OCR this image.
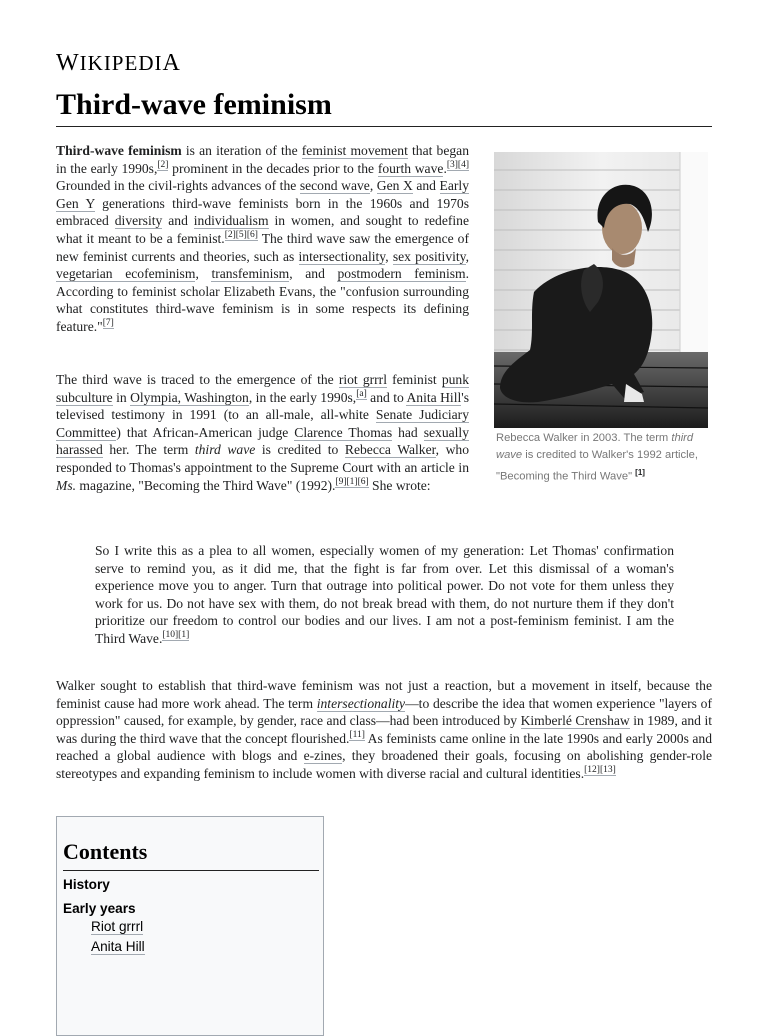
WIKIPEDIA
Third-wave feminism

Third-wave feminism is an iteration of the feminist movement that began in the early 1990s,[2] prominent in the decades prior to the fourth wave.[3][4] Grounded in the civil-rights advances of the second wave, Gen X and Early Gen Y generations third-wave feminists born in the 1960s and 1970s embraced diversity and individualism in women, and sought to redefine what it meant to be a feminist.[2][5][6] The third wave saw the emergence of new feminist currents and theories, such as intersectionality, sex positivity, vegetarian ecofeminism, transfeminism, and postmodern feminism. According to feminist scholar Elizabeth Evans, the "confusion surrounding what constitutes third-wave feminism is in some respects its defining feature."[7]

The third wave is traced to the emergence of the riot grrrl feminist punk subculture in Olympia, Washington, in the early 1990s,[a] and to Anita Hill's televised testimony in 1991 (to an all-male, all-white Senate Judiciary Committee) that African-American judge Clarence Thomas had sexually harassed her. The term third wave is credited to Rebecca Walker, who responded to Thomas's appointment to the Supreme Court with an article in Ms. magazine, "Becoming the Third Wave" (1992).[9][1][6] She wrote:

Rebecca Walker in 2003. The term third wave is credited to Walker's 1992 article, "Becoming the Third Wave" [1]

So I write this as a plea to all women, especially women of my generation: Let Thomas' confirmation serve to remind you, as it did me, that the fight is far from over. Let this dismissal of a woman's experience move you to anger. Turn that outrage into political power. Do not vote for them unless they work for us. Do not have sex with them, do not break bread with them, do not nurture them if they don't prioritize our freedom to control our bodies and our lives. I am not a post-feminism feminist. I am the Third Wave.[10][1]

Walker sought to establish that third-wave feminism was not just a reaction, but a movement in itself, because the feminist cause had more work ahead. The term intersectionality—to describe the idea that women experience "layers of oppression" caused, for example, by gender, race and class—had been introduced by Kimberlé Crenshaw in 1989, and it was during the third wave that the concept flourished.[11] As feminists came online in the late 1990s and early 2000s and reached a global audience with blogs and e-zines, they broadened their goals, focusing on abolishing gender-role stereotypes and expanding feminism to include women with diverse racial and cultural identities.[12][13]

Contents
History
Early years
Riot grrrl
Anita Hill
